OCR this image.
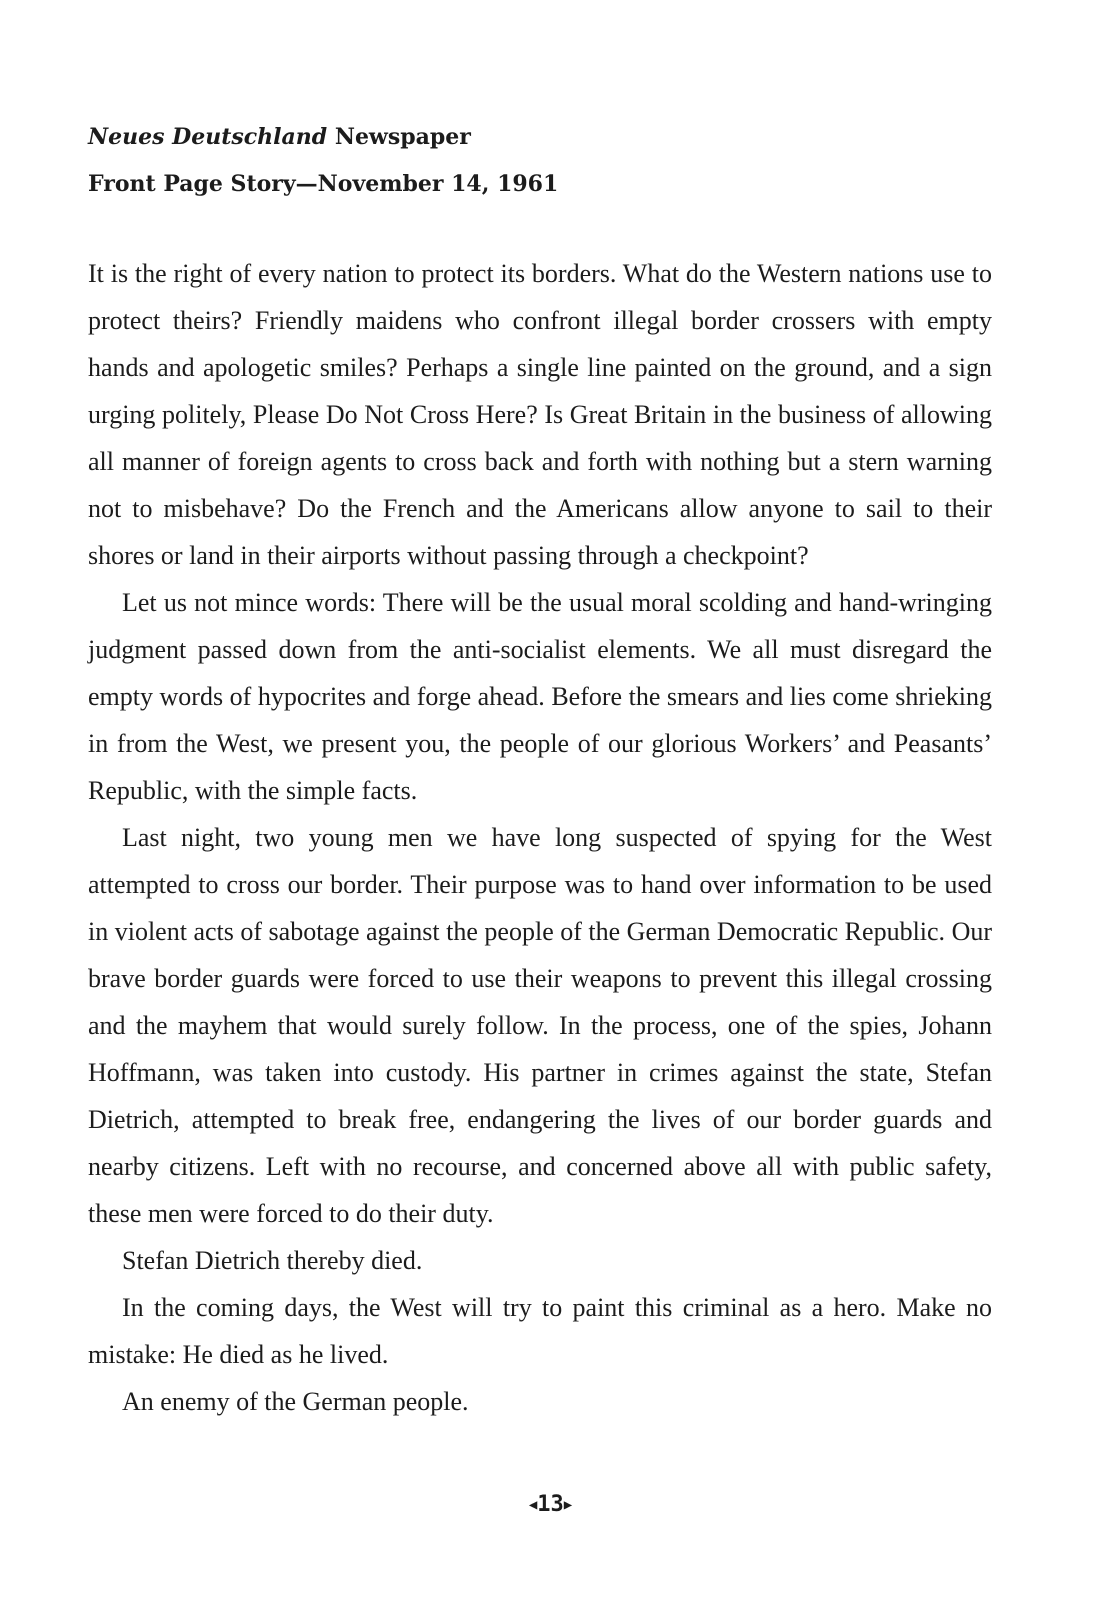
Neues Deutschland Newspaper
Front Page Story—November 14, 1961

It is the right of every nation to protect its borders. What do the Western nations use to protect theirs? Friendly maidens who confront illegal border crossers with empty hands and apologetic smiles? Perhaps a single line painted on the ground, and a sign urging politely, Please Do Not Cross Here? Is Great Britain in the business of allowing all manner of foreign agents to cross back and forth with nothing but a stern warning not to misbehave? Do the French and the Americans allow anyone to sail to their shores or land in their airports without passing through a checkpoint?

Let us not mince words: There will be the usual moral scolding and hand-wringing judgment passed down from the anti-socialist elements. We all must disregard the empty words of hypocrites and forge ahead. Before the smears and lies come shrieking in from the West, we present you, the people of our glorious Workers’ and Peasants’ Republic, with the simple facts.

Last night, two young men we have long suspected of spying for the West attempted to cross our border. Their purpose was to hand over information to be used in violent acts of sabotage against the people of the German Democratic Republic. Our brave border guards were forced to use their weapons to prevent this illegal crossing and the mayhem that would surely follow. In the process, one of the spies, Johann Hoffmann, was taken into custody. His partner in crimes against the state, Stefan Dietrich, attempted to break free, endangering the lives of our border guards and nearby citizens. Left with no recourse, and concerned above all with public safety, these men were forced to do their duty.

Stefan Dietrich thereby died.

In the coming days, the West will try to paint this criminal as a hero. Make no mistake: He died as he lived.

An enemy of the German people.

◀13▶
